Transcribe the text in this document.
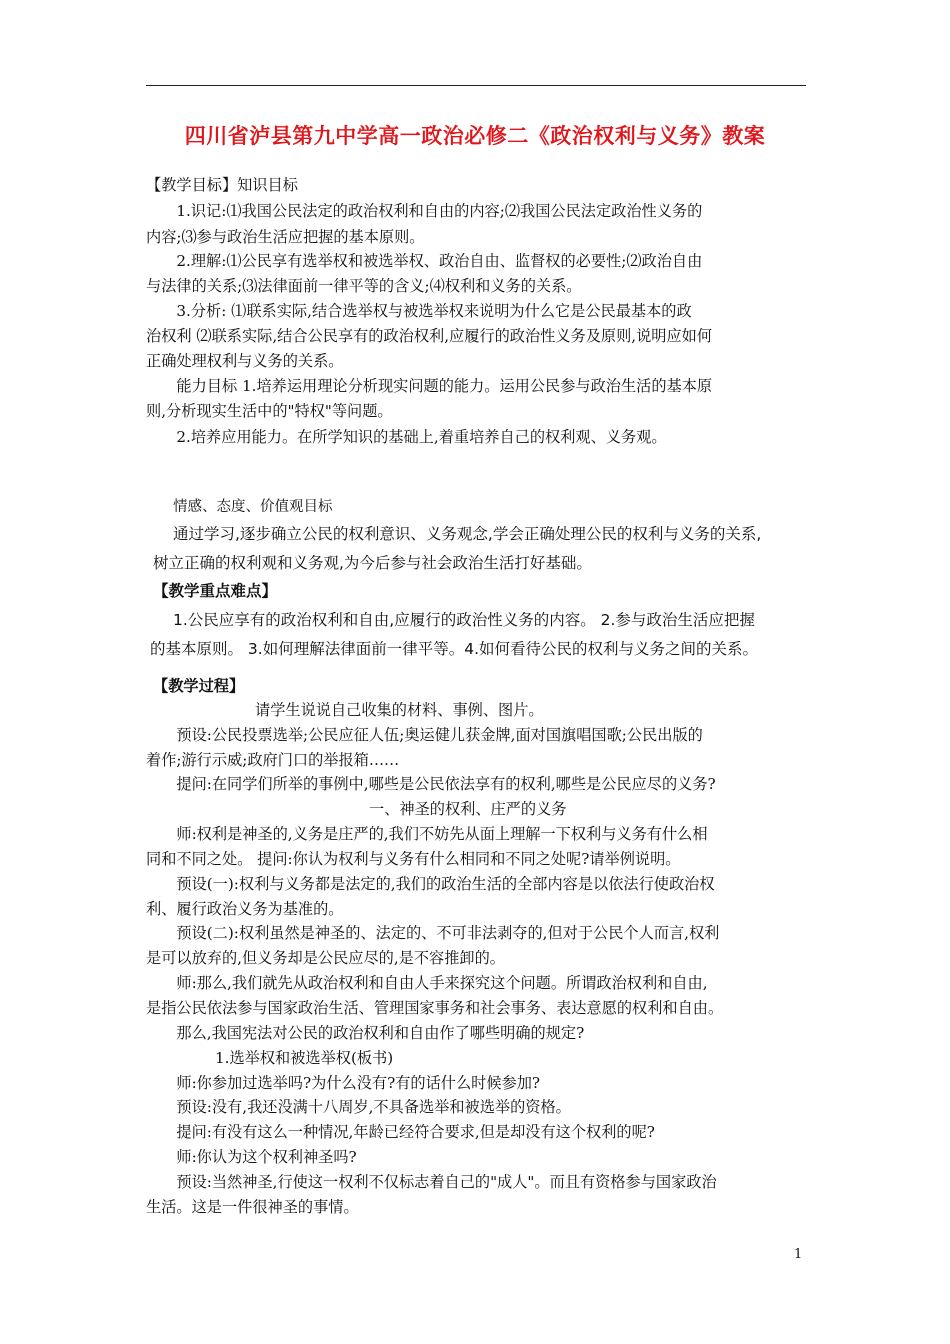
四川省泸县第九中学高一政治必修二《政治权利与义务》教案
【教学目标】知识目标
　　1.识记:⑴我国公民法定的政治权利和自由的内容;⑵我国公民法定政治性义务的
内容;⑶参与政治生活应把握的基本原则。
　　2.理解:⑴公民享有选举权和被选举权、政治自由、监督权的必要性;⑵政治自由
与法律的关系;⑶法律面前一律平等的含义;⑷权利和义务的关系。
　　3.分析: ⑴联系实际,结合选举权与被选举权来说明为什么它是公民最基本的政
治权利 ⑵联系实际,结合公民享有的政治权利,应履行的政治性义务及原则,说明应如何
正确处理权利与义务的关系。
　　能力目标 1.培养运用理论分析现实问题的能力。运用公民参与政治生活的基本原
则,分析现实生活中的"特权"等问题。
　　2.培养应用能力。在所学知识的基础上,着重培养自己的权利观、义务观。
情感、态度、价值观目标
通过学习,逐步确立公民的权利意识、义务观念,学会正确处理公民的权利与义务的关系,
树立正确的权利观和义务观,为今后参与社会政治生活打好基础。
【教学重点难点】
1.公民应享有的政治权利和自由,应履行的政治性义务的内容。 2.参与政治生活应把握
的基本原则。 3.如何理解法律面前一律平等。4.如何看待公民的权利与义务之间的关系。
【教学过程】
请学生说说自己收集的材料、事例、图片。
　　预设:公民投票选举;公民应征人伍;奥运健儿获金牌,面对国旗唱国歌;公民出版的
着作;游行示威;政府门口的举报箱……
　　提问:在同学们所举的事例中,哪些是公民依法享有的权利,哪些是公民应尽的义务?
一、神圣的权利、庄严的义务
　　师:权利是神圣的,义务是庄严的,我们不妨先从面上理解一下权利与义务有什么相
同和不同之处。 提问:你认为权利与义务有什么相同和不同之处呢?请举例说明。
　　预设(一):权利与义务都是法定的,我们的政治生活的全部内容是以依法行使政治权
利、履行政治义务为基准的。
　　预设(二):权利虽然是神圣的、法定的、不可非法剥夺的,但对于公民个人而言,权利
是可以放弃的,但义务却是公民应尽的,是不容推卸的。
　　师:那么,我们就先从政治权利和自由人手来探究这个问题。所谓政治权利和自由,
是指公民依法参与国家政治生活、管理国家事务和社会事务、表达意愿的权利和自由。
　　那么,我国宪法对公民的政治权利和自由作了哪些明确的规定?
1.选举权和被选举权(板书)
　　师:你参加过选举吗?为什么没有?有的话什么时候参加?
　　预设:没有,我还没满十八周岁,不具备选举和被选举的资格。
　　提问:有没有这么一种情况,年龄已经符合要求,但是却没有这个权利的呢?
　　师:你认为这个权利神圣吗?
　　预设:当然神圣,行使这一权利不仅标志着自己的"成人"。而且有资格参与国家政治
生活。这是一件很神圣的事情。
1
